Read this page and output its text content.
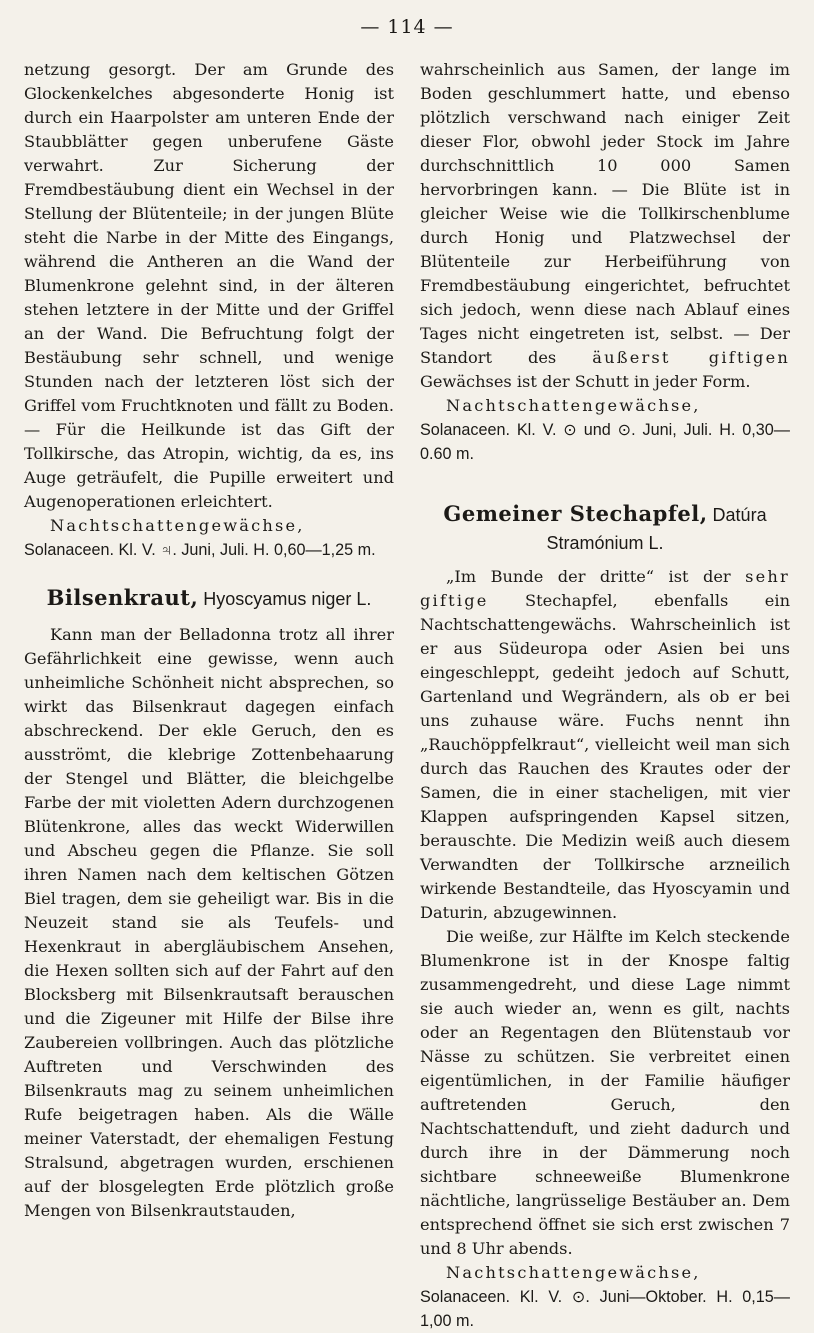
— 114 —

netzung gesorgt. Der am Grunde des Glockenkelches abgesonderte Honig ist durch ein Haarpolster am unteren Ende der Staubblätter gegen unberufene Gäste verwahrt. Zur Sicherung der Fremdbestäubung dient ein Wechsel in der Stellung der Blütenteile; in der jungen Blüte steht die Narbe in der Mitte des Eingangs, während die Antheren an die Wand der Blumenkrone gelehnt sind, in der älteren stehen letztere in der Mitte und der Griffel an der Wand. Die Befruchtung folgt der Bestäubung sehr schnell, und wenige Stunden nach der letzteren löst sich der Griffel vom Fruchtknoten und fällt zu Boden. — Für die Heilkunde ist das Gift der Tollkirsche, das Atropin, wichtig, da es, ins Auge geträufelt, die Pupille erweitert und Augenoperationen erleichtert.

Nachtschattengewächse, Solanaceen. Kl. V. ♃. Juni, Juli. H. 0,60—1,25 m.

Bilsenkraut, Hyoscyamus niger L.

Kann man der Belladonna trotz all ihrer Gefährlichkeit eine gewisse, wenn auch unheimliche Schönheit nicht absprechen, so wirkt das Bilsenkraut dagegen einfach abschreckend. Der ekle Geruch, den es ausströmt, die klebrige Zottenbehaarung der Stengel und Blätter, die bleichgelbe Farbe der mit violetten Adern durchzogenen Blütenkrone, alles das weckt Widerwillen und Abscheu gegen die Pflanze. Sie soll ihren Namen nach dem keltischen Götzen Biel tragen, dem sie geheiligt war. Bis in die Neuzeit stand sie als Teufels- und Hexenkraut in abergläubischem Ansehen, die Hexen sollten sich auf der Fahrt auf den Blocksberg mit Bilsenkrautsaft berauschen und die Zigeuner mit Hilfe der Bilse ihre Zaubereien vollbringen. Auch das plötzliche Auftreten und Verschwinden des Bilsenkrauts mag zu seinem unheimlichen Rufe beigetragen haben. Als die Wälle meiner Vaterstadt, der ehemaligen Festung Stralsund, abgetragen wurden, erschienen auf der blosgelegten Erde plötzlich große Mengen von Bilsenkrautstauden,

wahrscheinlich aus Samen, der lange im Boden geschlummert hatte, und ebenso plötzlich verschwand nach einiger Zeit dieser Flor, obwohl jeder Stock im Jahre durchschnittlich 10 000 Samen hervorbringen kann. — Die Blüte ist in gleicher Weise wie die Tollkirschenblume durch Honig und Platzwechsel der Blütenteile zur Herbeiführung von Fremdbestäubung eingerichtet, befruchtet sich jedoch, wenn diese nach Ablauf eines Tages nicht eingetreten ist, selbst. — Der Standort des äußerst giftigen Gewächses ist der Schutt in jeder Form.

Nachtschattengewächse, Solanaceen. Kl. V. ⊙ und ⊙. Juni, Juli. H. 0,30—0.60 m.

Gemeiner Stechapfel, Datúra Stramónium L.

„Im Bunde der dritte“ ist der sehr giftige Stechapfel, ebenfalls ein Nachtschattengewächs. Wahrscheinlich ist er aus Südeuropa oder Asien bei uns eingeschleppt, gedeiht jedoch auf Schutt, Gartenland und Wegrändern, als ob er bei uns zuhause wäre. Fuchs nennt ihn „Rauchöppfelkraut“, vielleicht weil man sich durch das Rauchen des Krautes oder der Samen, die in einer stacheligen, mit vier Klappen aufspringenden Kapsel sitzen, berauschte. Die Medizin weiß auch diesem Verwandten der Tollkirsche arzneilich wirkende Bestandteile, das Hyoscyamin und Daturin, abzugewinnen.

Die weiße, zur Hälfte im Kelch steckende Blumenkrone ist in der Knospe faltig zusammengedreht, und diese Lage nimmt sie auch wieder an, wenn es gilt, nachts oder an Regentagen den Blütenstaub vor Nässe zu schützen. Sie verbreitet einen eigentümlichen, in der Familie häufiger auftretenden Geruch, den Nachtschattenduft, und zieht dadurch und durch ihre in der Dämmerung noch sichtbare schneeweiße Blumenkrone nächtliche, langrüsselige Bestäuber an. Dem entsprechend öffnet sie sich erst zwischen 7 und 8 Uhr abends.

Nachtschattengewächse, Solanaceen. Kl. V. ⊙. Juni—Oktober. H. 0,15—1,00 m.
